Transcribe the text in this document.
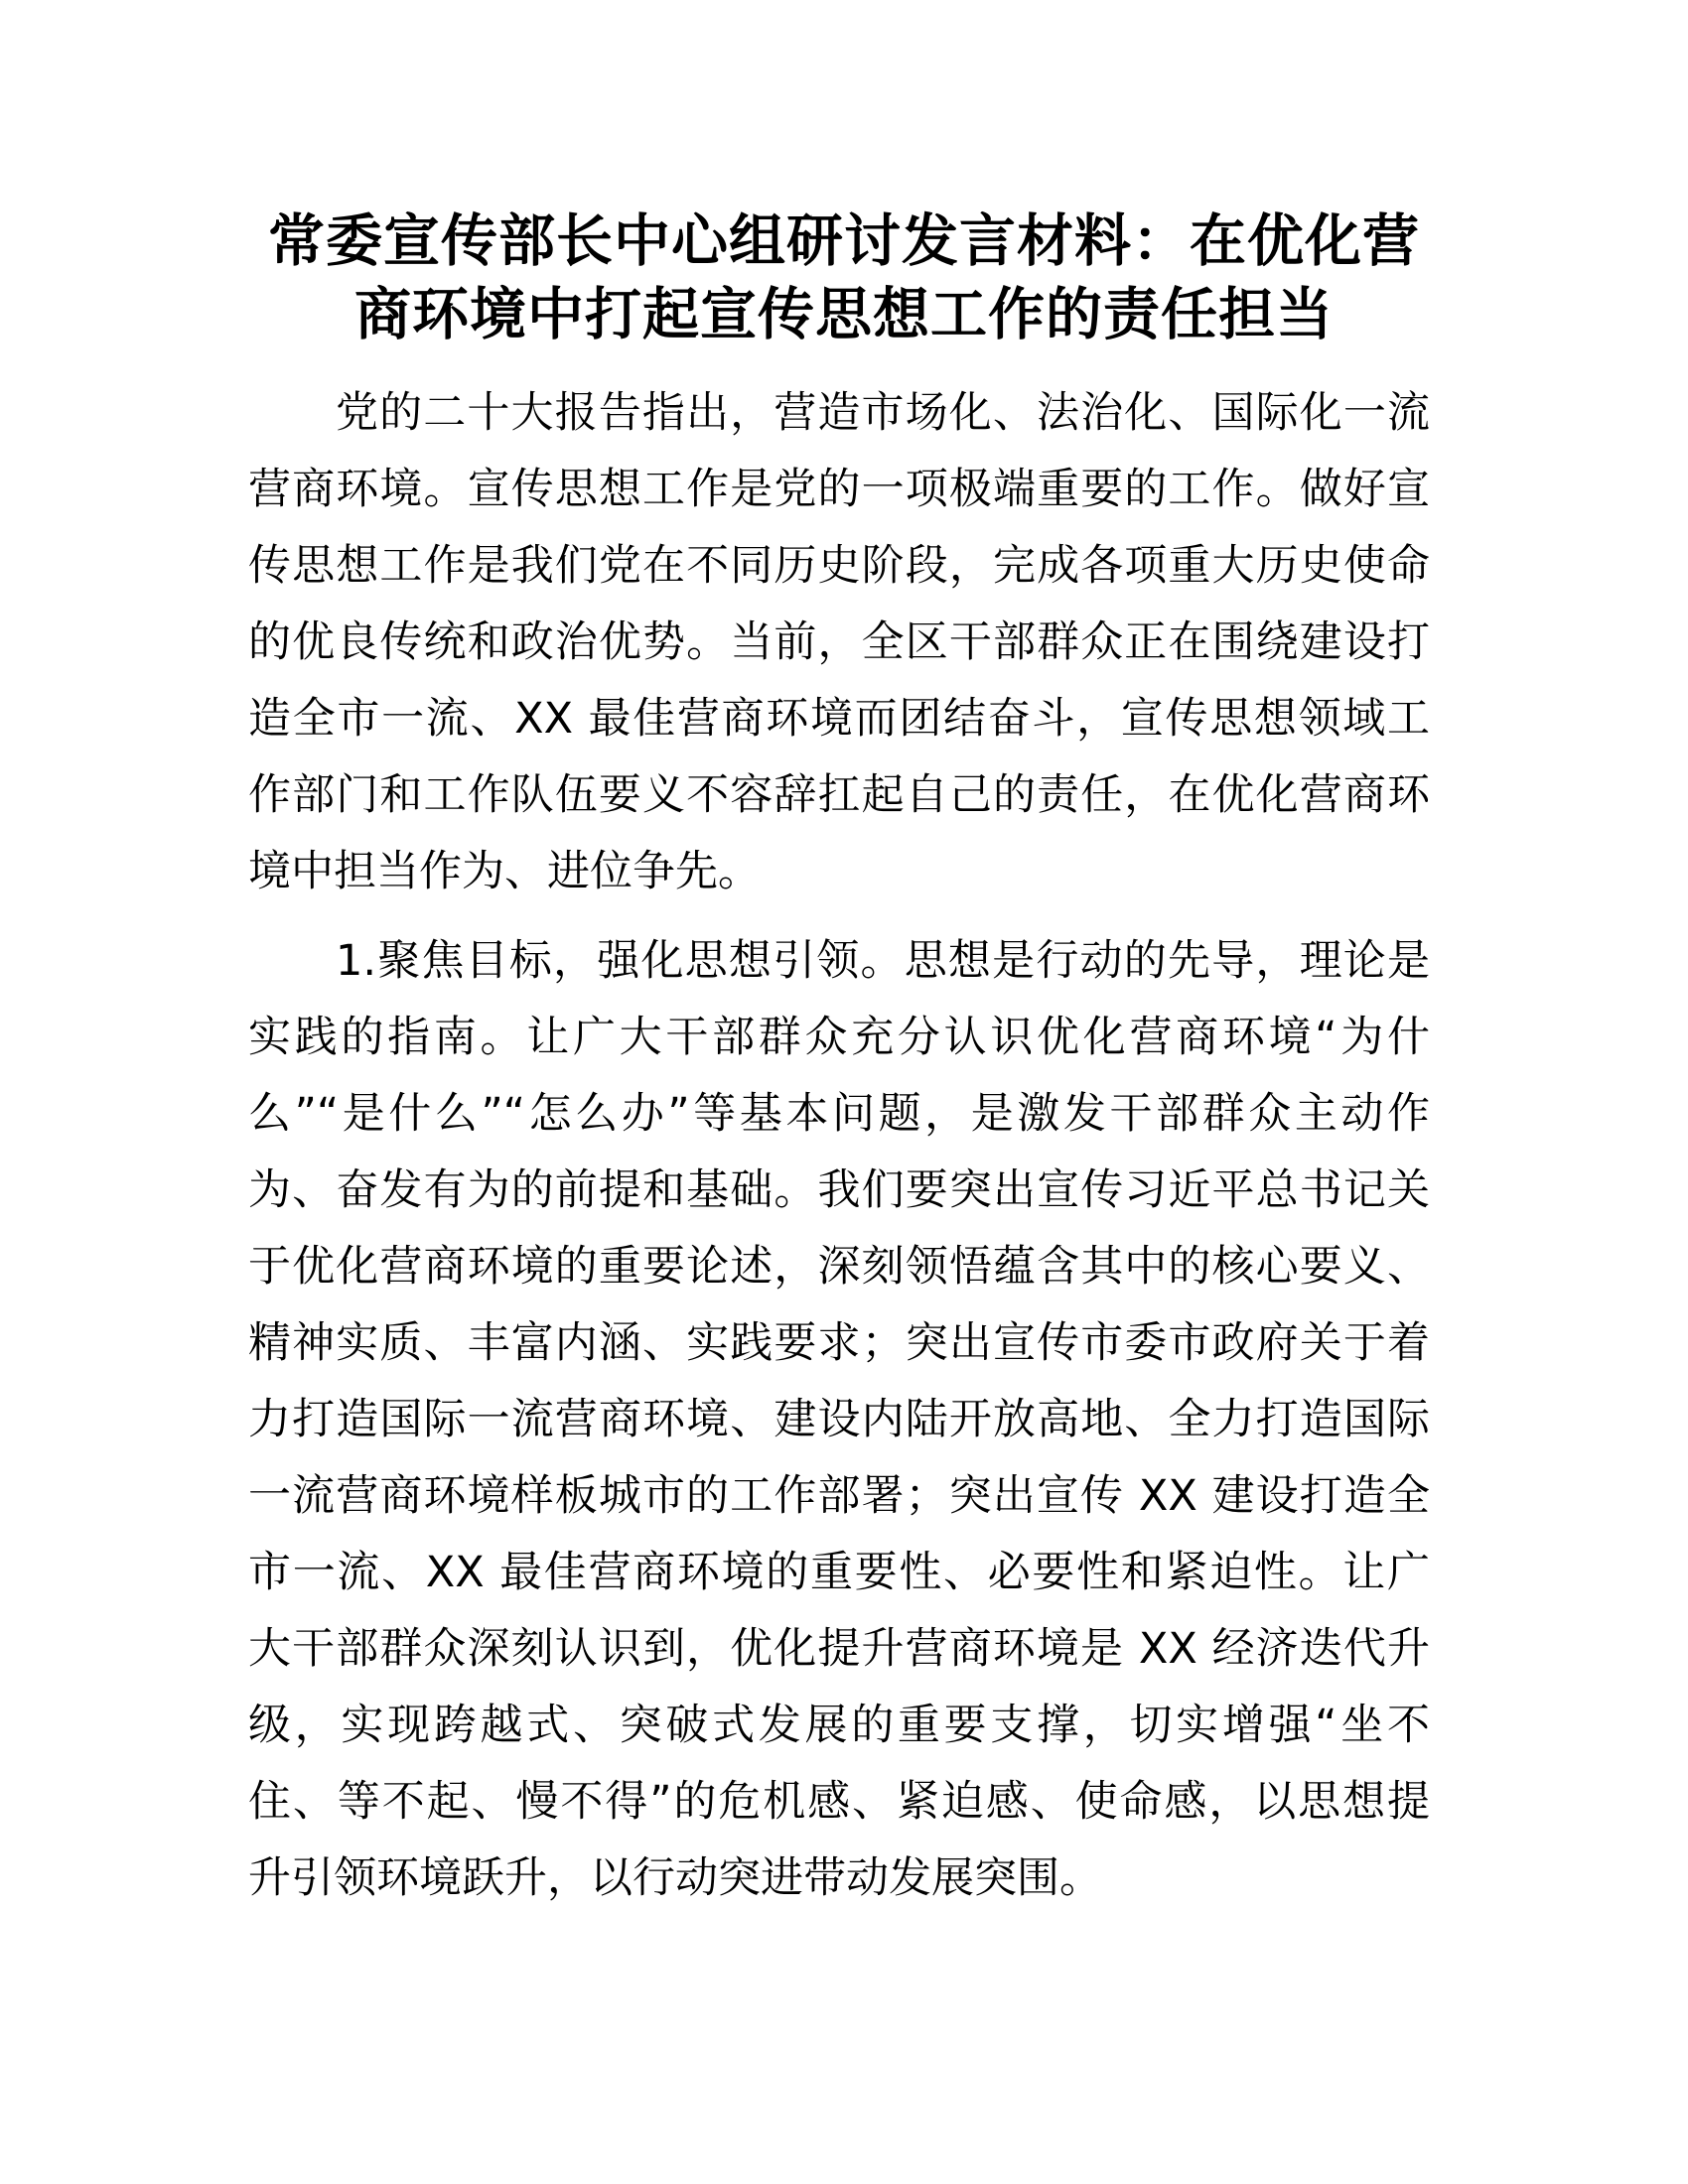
常委宣传部长中心组研讨发言材料：在优化营
商环境中打起宣传思想工作的责任担当
党的二十大报告指出，营造市场化、法治化、国际化一流
营商环境。宣传思想工作是党的一项极端重要的工作。做好宣
传思想工作是我们党在不同历史阶段，完成各项重大历史使命
的优良传统和政治优势。当前，全区干部群众正在围绕建设打
造全市一流、XX 最佳营商环境而团结奋斗，宣传思想领域工
作部门和工作队伍要义不容辞扛起自己的责任，在优化营商环
境中担当作为、进位争先。
1.聚焦目标，强化思想引领。思想是行动的先导，理论是
实践的指南。让广大干部群众充分认识优化营商环境“为什
么”“是什么”“怎么办”等基本问题，是激发干部群众主动作
为、奋发有为的前提和基础。我们要突出宣传习近平总书记关
于优化营商环境的重要论述，深刻领悟蕴含其中的核心要义、
精神实质、丰富内涵、实践要求；突出宣传市委市政府关于着
力打造国际一流营商环境、建设内陆开放高地、全力打造国际
一流营商环境样板城市的工作部署；突出宣传 XX 建设打造全
市一流、XX 最佳营商环境的重要性、必要性和紧迫性。让广
大干部群众深刻认识到，优化提升营商环境是 XX 经济迭代升
级，实现跨越式、突破式发展的重要支撑，切实增强“坐不
住、等不起、慢不得”的危机感、紧迫感、使命感，以思想提
升引领环境跃升，以行动突进带动发展突围。
